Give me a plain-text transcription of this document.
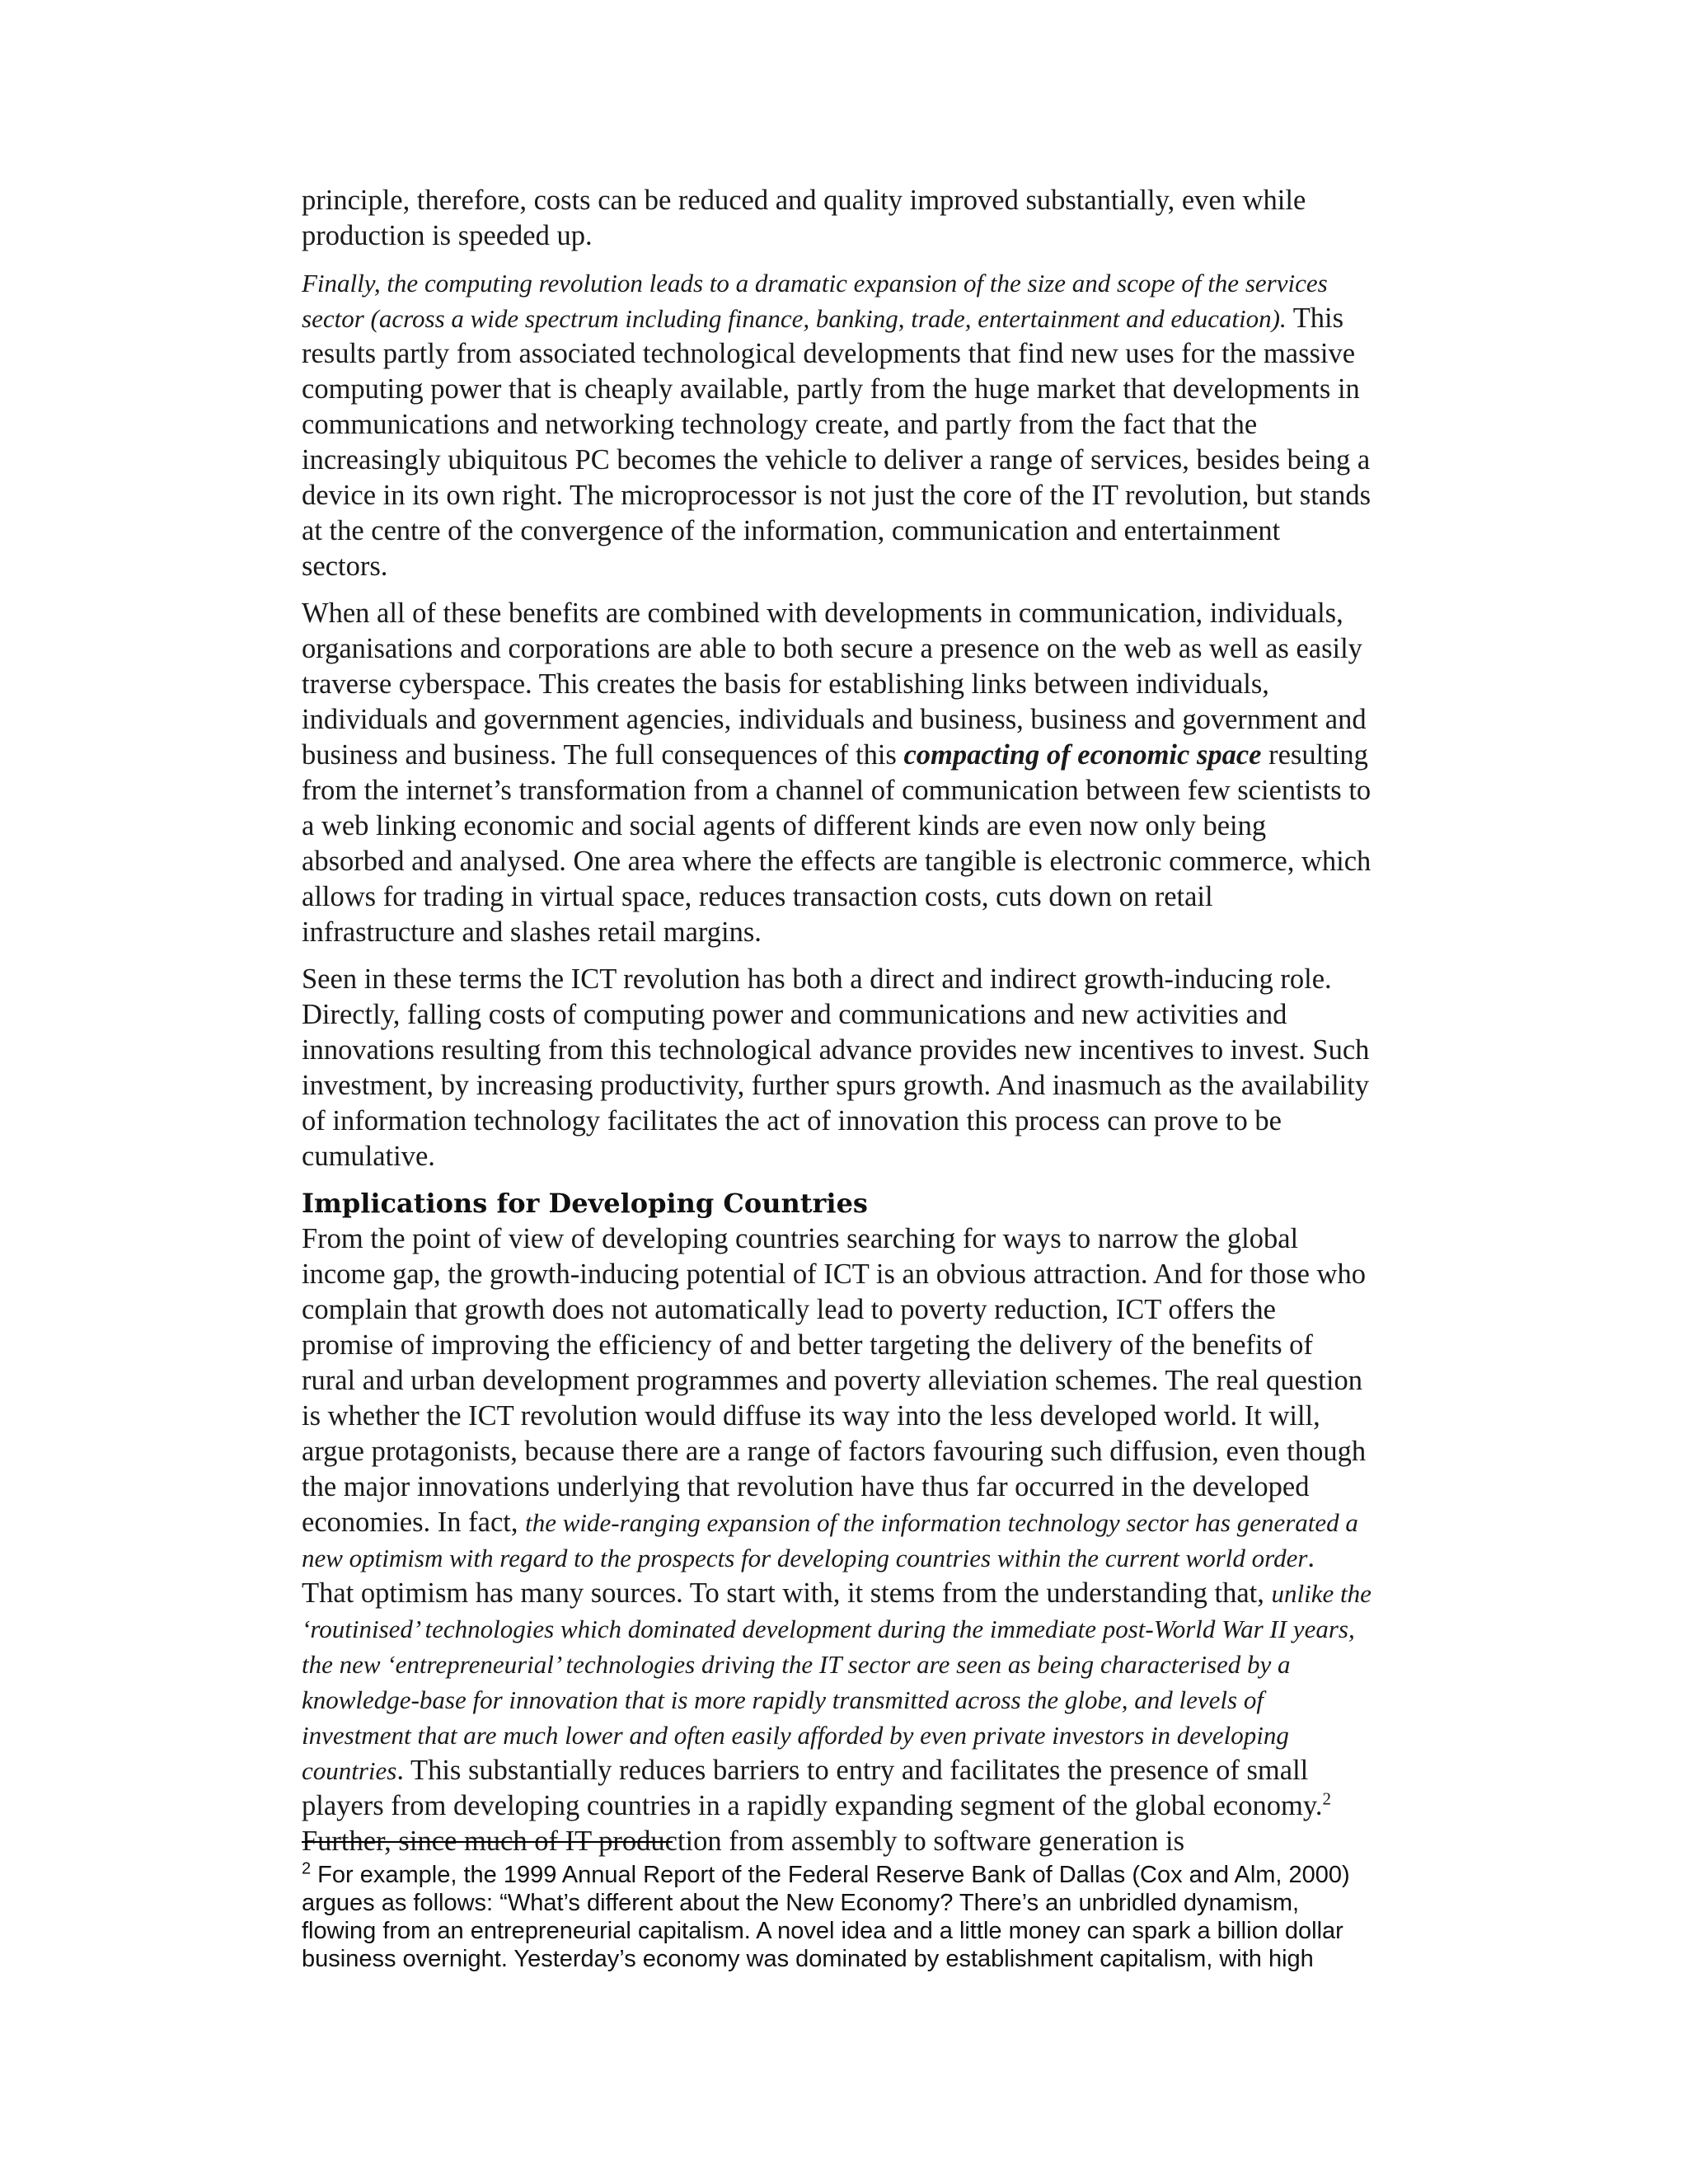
principle, therefore, costs can be reduced and quality improved substantially, even while production is speeded up.

Finally, the computing revolution leads to a dramatic expansion of the size and scope of the services sector (across a wide spectrum including finance, banking, trade, entertainment and education). This results partly from associated technological developments that find new uses for the massive computing power that is cheaply available, partly from the huge market that developments in communications and networking technology create, and partly from the fact that the increasingly ubiquitous PC becomes the vehicle to deliver a range of services, besides being a device in its own right. The microprocessor is not just the core of the IT revolution, but stands at the centre of the convergence of the information, communication and entertainment sectors.

When all of these benefits are combined with developments in communication, individuals, organisations and corporations are able to both secure a presence on the web as well as easily traverse cyberspace. This creates the basis for establishing links between individuals, individuals and government agencies, individuals and business, business and government and business and business. The full consequences of this compacting of economic space resulting from the internet’s transformation from a channel of communication between few scientists to a web linking economic and social agents of different kinds are even now only being absorbed and analysed. One area where the effects are tangible is electronic commerce, which allows for trading in virtual space, reduces transaction costs, cuts down on retail infrastructure and slashes retail margins.

Seen in these terms the ICT revolution has both a direct and indirect growth-inducing role. Directly, falling costs of computing power and communications and new activities and innovations resulting from this technological advance provides new incentives to invest. Such investment, by increasing productivity, further spurs growth. And inasmuch as the availability of information technology facilitates the act of innovation this process can prove to be cumulative.

Implications for Developing Countries

From the point of view of developing countries searching for ways to narrow the global income gap, the growth-inducing potential of ICT is an obvious attraction. And for those who complain that growth does not automatically lead to poverty reduction, ICT offers the promise of improving the efficiency of and better targeting the delivery of the benefits of rural and urban development programmes and poverty alleviation schemes. The real question is whether the ICT revolution would diffuse its way into the less developed world. It will, argue protagonists, because there are a range of factors favouring such diffusion, even though the major innovations underlying that revolution have thus far occurred in the developed economies. In fact, the wide-ranging expansion of the information technology sector has generated a new optimism with regard to the prospects for developing countries within the current world order. That optimism has many sources. To start with, it stems from the understanding that, unlike the ‘routinised’ technologies which dominated development during the immediate post-World War II years, the new ‘entrepreneurial’ technologies driving the IT sector are seen as being characterised by a knowledge-base for innovation that is more rapidly transmitted across the globe, and levels of investment that are much lower and often easily afforded by even private investors in developing countries. This substantially reduces barriers to entry and facilitates the presence of small players from developing countries in a rapidly expanding segment of the global economy.$^2$ Further, since much of IT production from assembly to software generation is

$^2$ For example, the 1999 Annual Report of the Federal Reserve Bank of Dallas (Cox and Alm, 2000) argues as follows: “What’s different about the New Economy? There’s an unbridled dynamism, flowing from an entrepreneurial capitalism. A novel idea and a little money can spark a billion dollar business overnight. Yesterday’s economy was dominated by establishment capitalism, with high
